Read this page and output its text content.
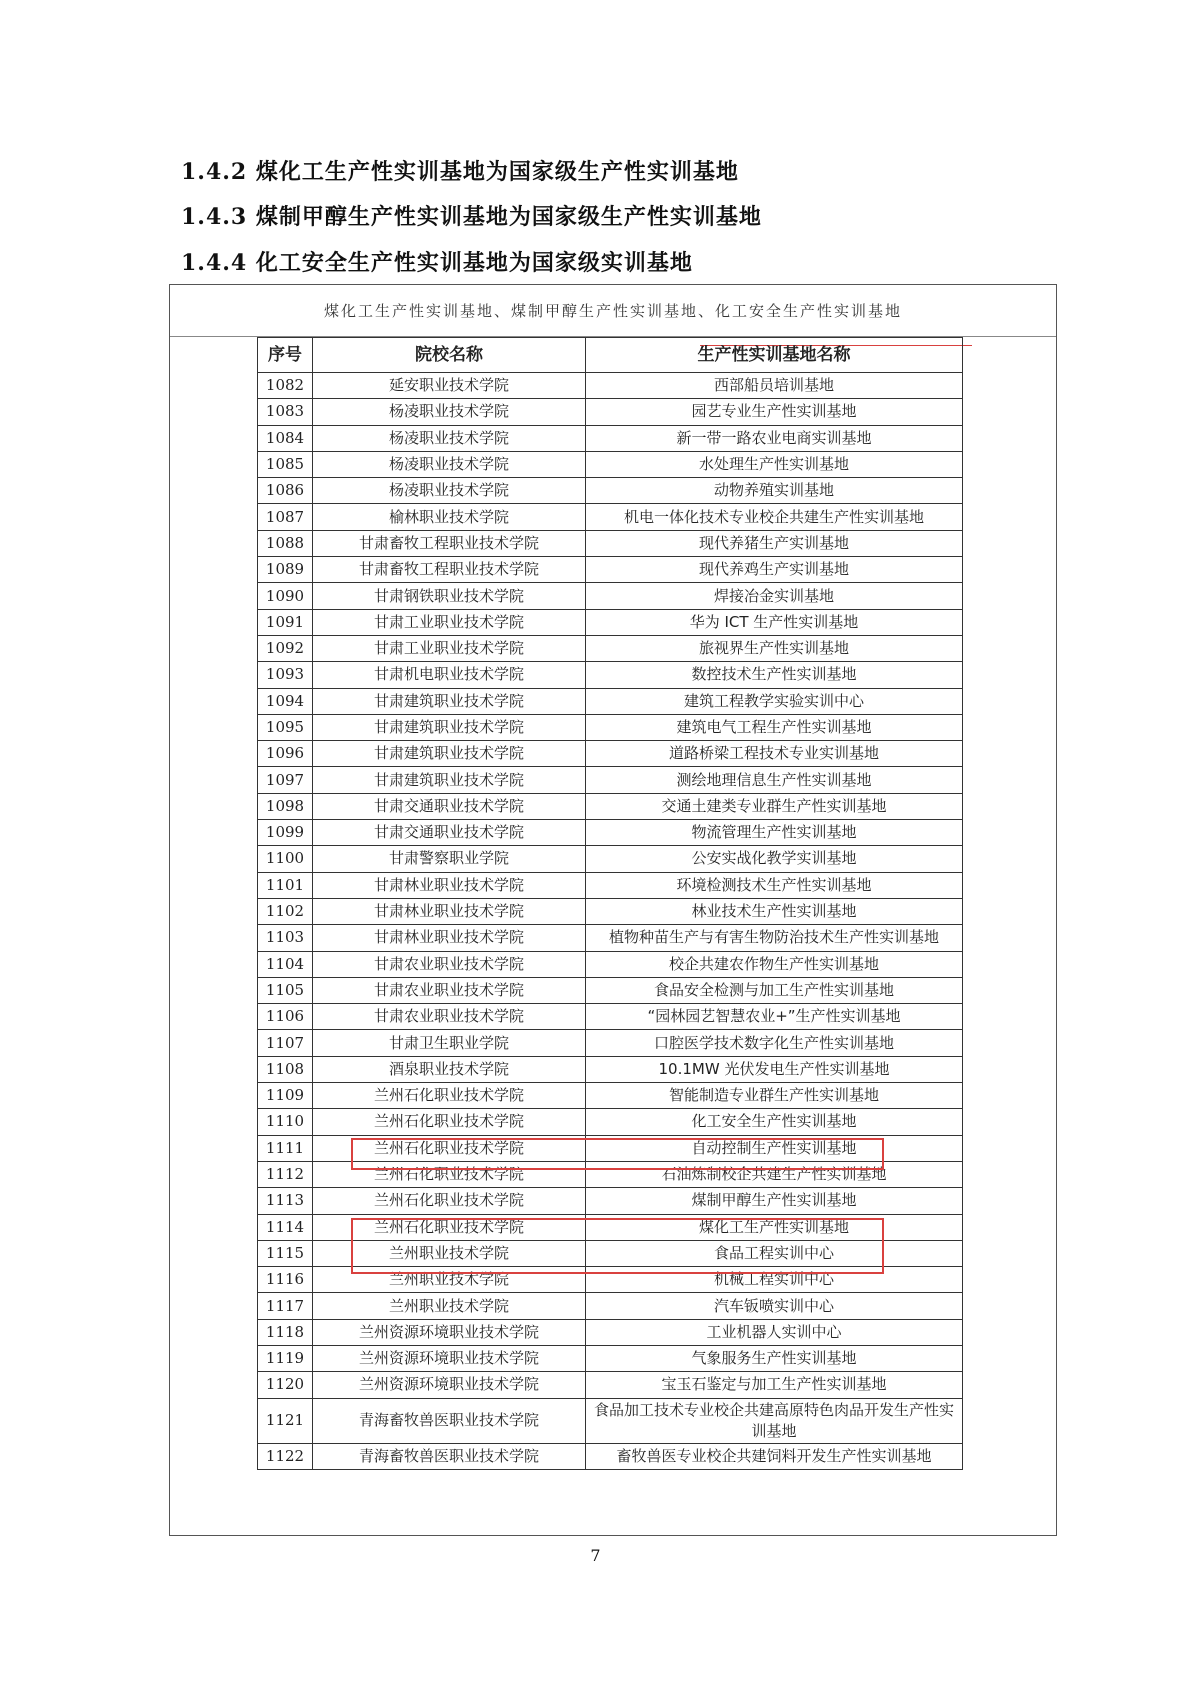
1.4.2 煤化工生产性实训基地为国家级生产性实训基地
1.4.3 煤制甲醇生产性实训基地为国家级生产性实训基地
1.4.4 化工安全生产性实训基地为国家级实训基地
煤化工生产性实训基地、煤制甲醇生产性实训基地、化工安全生产性实训基地
序号	院校名称	生产性实训基地名称
1082	延安职业技术学院	西部船员培训基地
1083	杨凌职业技术学院	园艺专业生产性实训基地
1084	杨凌职业技术学院	新一带一路农业电商实训基地
1085	杨凌职业技术学院	水处理生产性实训基地
1086	杨凌职业技术学院	动物养殖实训基地
1087	榆林职业技术学院	机电一体化技术专业校企共建生产性实训基地
1088	甘肃畜牧工程职业技术学院	现代养猪生产实训基地
1089	甘肃畜牧工程职业技术学院	现代养鸡生产实训基地
1090	甘肃钢铁职业技术学院	焊接冶金实训基地
1091	甘肃工业职业技术学院	华为 ICT 生产性实训基地
1092	甘肃工业职业技术学院	旅视界生产性实训基地
1093	甘肃机电职业技术学院	数控技术生产性实训基地
1094	甘肃建筑职业技术学院	建筑工程教学实验实训中心
1095	甘肃建筑职业技术学院	建筑电气工程生产性实训基地
1096	甘肃建筑职业技术学院	道路桥梁工程技术专业实训基地
1097	甘肃建筑职业技术学院	测绘地理信息生产性实训基地
1098	甘肃交通职业技术学院	交通土建类专业群生产性实训基地
1099	甘肃交通职业技术学院	物流管理生产性实训基地
1100	甘肃警察职业学院	公安实战化教学实训基地
1101	甘肃林业职业技术学院	环境检测技术生产性实训基地
1102	甘肃林业职业技术学院	林业技术生产性实训基地
1103	甘肃林业职业技术学院	植物种苗生产与有害生物防治技术生产性实训基地
1104	甘肃农业职业技术学院	校企共建农作物生产性实训基地
1105	甘肃农业职业技术学院	食品安全检测与加工生产性实训基地
1106	甘肃农业职业技术学院	“园林园艺智慧农业+”生产性实训基地
1107	甘肃卫生职业学院	口腔医学技术数字化生产性实训基地
1108	酒泉职业技术学院	10.1MW 光伏发电生产性实训基地
1109	兰州石化职业技术学院	智能制造专业群生产性实训基地
1110	兰州石化职业技术学院	化工安全生产性实训基地
1111	兰州石化职业技术学院	自动控制生产性实训基地
1112	兰州石化职业技术学院	石油炼制校企共建生产性实训基地
1113	兰州石化职业技术学院	煤制甲醇生产性实训基地
1114	兰州石化职业技术学院	煤化工生产性实训基地
1115	兰州职业技术学院	食品工程实训中心
1116	兰州职业技术学院	机械工程实训中心
1117	兰州职业技术学院	汽车钣喷实训中心
1118	兰州资源环境职业技术学院	工业机器人实训中心
1119	兰州资源环境职业技术学院	气象服务生产性实训基地
1120	兰州资源环境职业技术学院	宝玉石鉴定与加工生产性实训基地
1121	青海畜牧兽医职业技术学院	食品加工技术专业校企共建高原特色肉品开发生产性实训基地
1122	青海畜牧兽医职业技术学院	畜牧兽医专业校企共建饲料开发生产性实训基地
7
